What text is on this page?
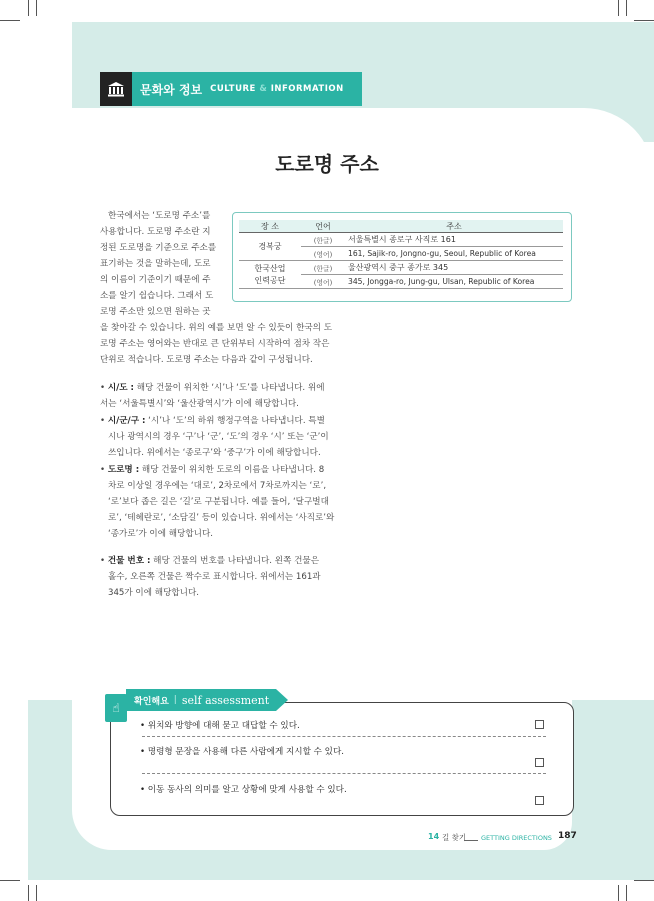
문화와 정보 CULTURE & INFORMATION
도로명 주소
한국에서는 ‘도로명 주소’를
사용합니다. 도로명 주소란 지
정된 도로명을 기준으로 주소를
표기하는 것을 말하는데, 도로
의 이름이 기준이기 때문에 주
소를 알기 쉽습니다. 그래서 도
로명 주소만 있으면 원하는 곳
을 찾아갈 수 있습니다. 위의 예를 보면 알 수 있듯이 한국의 도
로명 주소는 영어와는 반대로 큰 단위부터 시작하여 점차 작은
단위로 적습니다. 도로명 주소는 다음과 같이 구성됩니다.
장 소	언어	주소
경복궁	(한글)	서울특별시 종로구 사직로 161
	(영어)	161, Sajik-ro, Jongno-gu, Seoul, Republic of Korea

한국산업
인력공단	(한글)	울산광역시 중구 종가로 345
	(영어)	345, Jongga-ro, Jung-gu, Ulsan, Republic of Korea
• 시/도 : 해당 건물이 위치한 ‘시’나 ‘도’를 나타냅니다. 위에
서는 ‘서울특별시’와 ‘울산광역시’가 이에 해당합니다.
• 시/군/구 : ‘시’나 ‘도’의 하위 행정구역을 나타냅니다. 특별
시나 광역시의 경우 ‘구’나 ‘군’, ‘도’의 경우 ‘시’ 또는 ‘군’이
쓰입니다. 위에서는 ‘종로구’와 ‘중구’가 이에 해당합니다.
• 도로명 : 해당 건물이 위치한 도로의 이름을 나타냅니다. 8
차로 이상일 경우에는 ‘대로’, 2차로에서 7차로까지는 ‘로’,
‘로’보다 좁은 길은 ‘길’로 구분됩니다. 예를 들어, ‘달구벌대
로’, ‘테헤란로’, ‘소담길’ 등이 있습니다. 위에서는 ‘사직로’와
‘종가로’가 이에 해당합니다.
• 건물 번호 : 해당 건물의 번호를 나타냅니다. 왼쪽 건물은
홀수, 오른쪽 건물은 짝수로 표시합니다. 위에서는 161과
345가 이에 해당합니다.
확인해요 | self assessment
☝
• 위치와 방향에 대해 묻고 대답할 수 있다.
• 명령형 문장을 사용해 다른 사람에게 지시할 수 있다.
• 이동 동사의 의미를 알고 상황에 맞게 사용할 수 있다.
14 길 찾기 GETTING DIRECTIONS 187
